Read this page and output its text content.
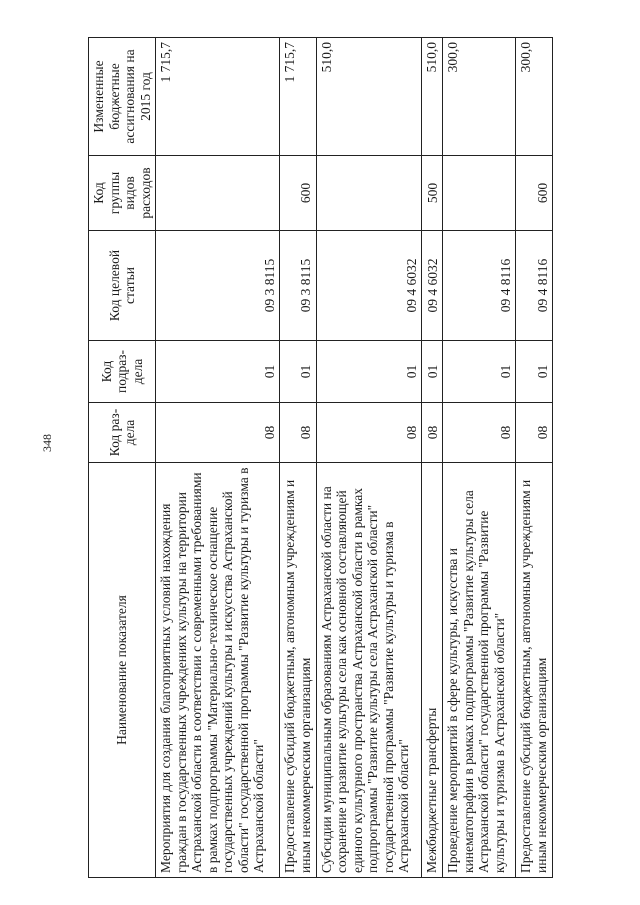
348
Наименование показателя	Код раз-дела	Код подраз-дела	Код целевой статьи	Код группы видов расходов	Измененные бюджетные ассигнования на 2015 год
Мероприятия для создания благоприятных условий нахождения граждан в государственных учреждениях культуры на территории Астраханской области в соответствии с современными требованиями в рамках подпрограммы "Материально-техническое оснащение государственных учреждений культуры и искусства Астраханской области" государственной программы "Развитие культуры и туризма в Астраханской области"	08	01	09 3 8115		1 715,7
Предоставление субсидий бюджетным, автономным учреждениям и иным некоммерческим организациям	08	01	09 3 8115	600	1 715,7
Субсидии муниципальным образованиям Астраханской области на сохранение и развитие культуры села как основной составляющей единого культурного пространства Астраханской области в рамках подпрограммы "Развитие культуры села Астраханской области" государственной программы "Развитие культуры и туризма в Астраханской области"	08	01	09 4 6032		510,0
Межбюджетные трансферты	08	01	09 4 6032	500	510,0
Проведение мероприятий в сфере культуры, искусства и кинематографии в рамках подпрограммы "Развитие культуры села Астраханской области" государственной программы "Развитие культуры и туризма в Астраханской области"	08	01	09 4 8116		300,0
Предоставление субсидий бюджетным, автономным учреждениям и иным некоммерческим организациям	08	01	09 4 8116	600	300,0
